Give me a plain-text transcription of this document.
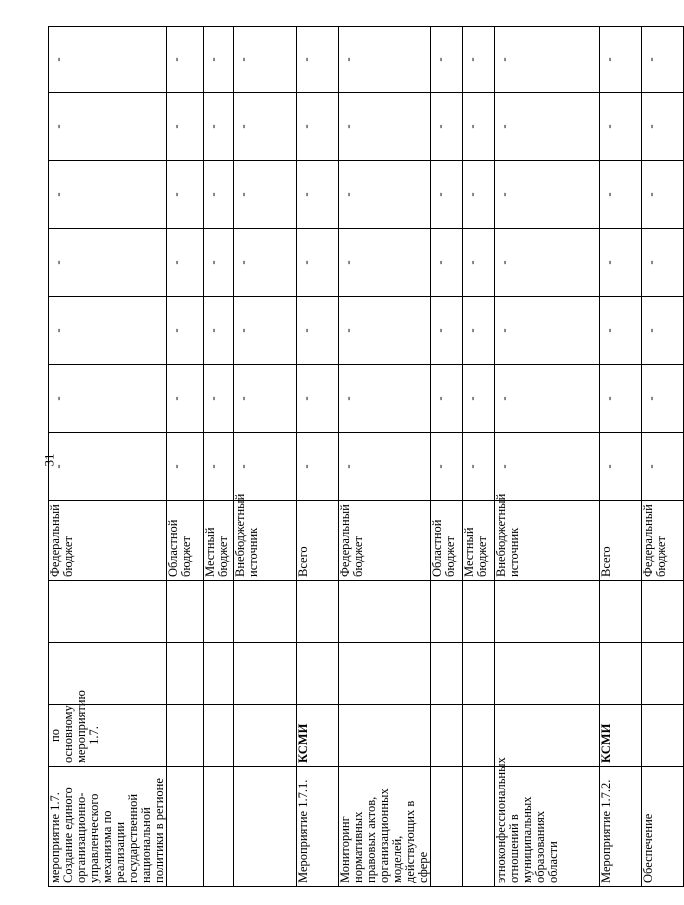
31
мероприятие 1.7. Создание единого организационно-управленческого механизма по реализации государственной национальной политики в регионе	по основному мероприятию 1.7.			Федеральный бюджет	-	-	-	-	-	-	-
				Областной бюджет	-	-	-	-	-	-	-
				Местный бюджет	-	-	-	-	-	-	-
				Внебюджетный источник	-	-	-	-	-	-	-
Мероприятие 1.7.1.	КСМИ			Всего	-	-	-	-	-	-	-
Мониторинг нормативных правовых актов, организационных моделей, действующих в сфере				Федеральный бюджет	-	-	-	-	-	-	-
				Областной бюджет	-	-	-	-	-	-	-
				Местный бюджет	-	-	-	-	-	-	-
этноконфессиональных отношений в муниципальных образованиях области				Внебюджетный источник	-	-	-	-	-	-	-
Мероприятие 1.7.2.	КСМИ			Всего	-	-	-	-	-	-	-
Обеспечение				Федеральный бюджет	-	-	-	-	-	-	-
